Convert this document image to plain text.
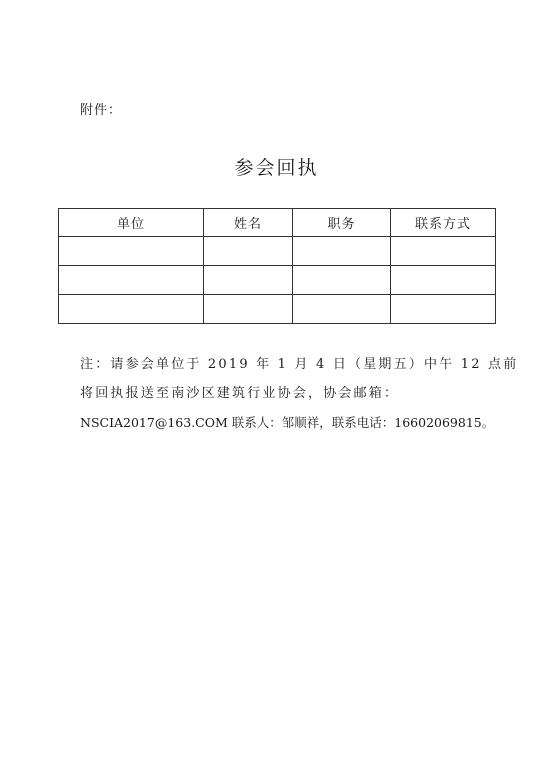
附件：
参会回执
单位	姓名	职务	联系方式

注：请参会单位于 2019 年 1 月 4 日（星期五）中午 12 点前
将回执报送至南沙区建筑行业协会，协会邮箱：
NSCIA2017@163.COM 联系人：邹顺祥，联系电话：16602069815。
